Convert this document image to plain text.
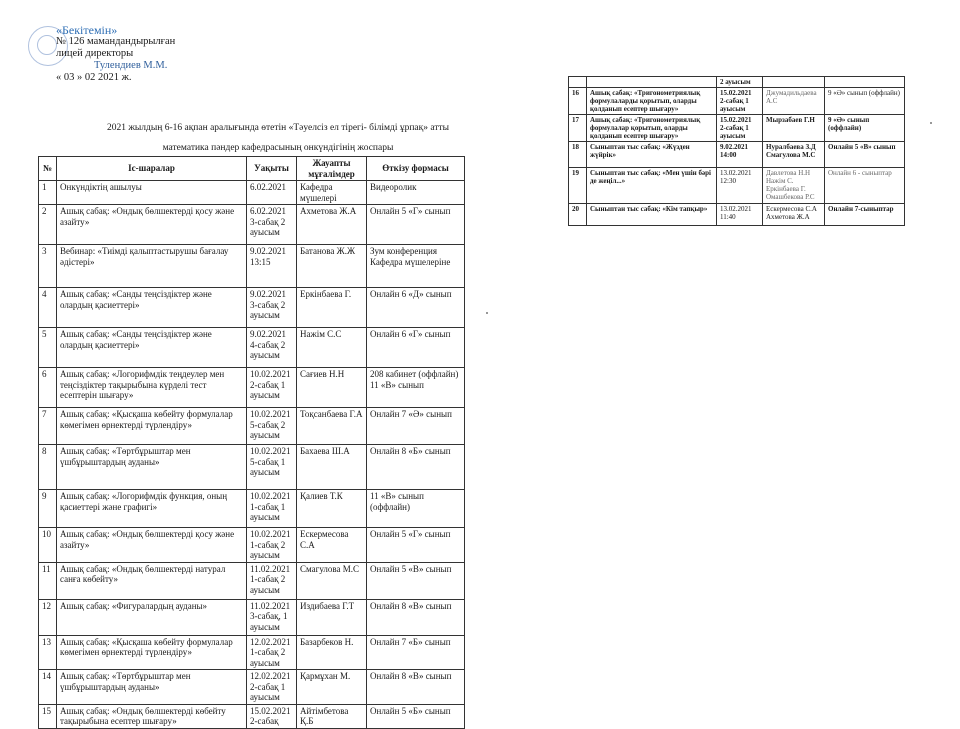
«Бекітемін»
№ 126 мамандандырылған
лицей директоры
Тулендиев М.М.
« 03 » 02 2021 ж.
2021 жылдың 6-16 ақпан аралығында өтетін «Тәуелсіз ел тірегі- білімді ұрпақ» атты
математика пәндер кафедрасының онкүндігінің жоспары
№	Іс-шаралар	Уақыты	Жауапты мұғалімдер	Өткізу формасы
1	Онкүндіктің ашылуы	6.02.2021	Кафедра мүшелері	Видеоролик
2	Ашық сабақ: «Ондық бөлшектерді қосу және азайту»	6.02.2021 3-сабақ 2 ауысым	Ахметова Ж.А	Онлайн 5 «Г» сынып
3	Вебинар: «Тиімді қалыптастырушы бағалау әдістері»	9.02.2021 13:15	Батанова Ж.Ж	Зум конференция Кафедра мүшелеріне
4	Ашық сабақ: «Санды теңсіздіктер және олардың қасиеттері»	9.02.2021 3-сабақ 2 ауысым	Еркінбаева Г.	Онлайн 6 «Д» сынып
5	Ашық сабақ: «Санды теңсіздіктер және олардың қасиеттері»	9.02.2021 4-сабақ 2 ауысым	Нажім С.С	Онлайн 6 «Г» сынып
6	Ашық сабақ: «Логорифмдік теңдеулер мен теңсіздіктер тақырыбына күрделі тест есептерін шығару»	10.02.2021 2-сабақ 1 ауысым	Сағиев Н.Н	208 кабинет (оффлайн) 11 «В» сынып
7	Ашық сабақ: «Қысқаша көбейту формулалар көмегімен өрнектерді түрлендіру»	10.02.2021 5-сабақ 2 ауысым	Тоқсанбаева Г.А	Онлайн 7 «Ә» сынып
8	Ашық сабақ: «Төртбұрыштар мен үшбұрыштардың ауданы»	10.02.2021 5-сабақ 1 ауысым	Бахаева Ш.А	Онлайн 8 «Б» сынып
9	Ашық сабақ: «Логорифмдік функция, оның қасиеттері және графигі»	10.02.2021 1-сабақ 1 ауысым	Қалиев Т.К	11 «В» сынып (оффлайн)
10	Ашық сабақ: «Ондық бөлшектерді қосу және азайту»	10.02.2021 1-сабақ 2 ауысым	Ескермесова С.А	Онлайн 5 «Г» сынып
11	Ашық сабақ: «Ондық бөлшектерді натурал санға көбейту»	11.02.2021 1-сабақ 2 ауысым	Смагулова М.С	Онлайн 5 «В» сынып
12	Ашық сабақ: «Фигуралардың ауданы»	11.02.2021 3-сабақ, 1 ауысым	Издибаева Г.Т	Онлайн 8 «В» сынып
13	Ашық сабақ: «Қысқаша көбейту формулалар көмегімен өрнектерді түрлендіру»	12.02.2021 1-сабақ 2 ауысым	Базарбеков Н.	Онлайн 7 «Б» сынып
14	Ашық сабақ: «Төртбұрыштар мен үшбұрыштардың ауданы»	12.02.2021 2-сабақ 1 ауысым	Қармұхан М.	Онлайн 8 «В» сынып
15	Ашық сабақ: «Ондық бөлшектерді көбейту тақырыбына есептер шығару»	15.02.2021 2-сабақ	Айтімбетова Қ.Б	Онлайн 5 «Б» сынып
		2 ауысым		
16	Ашық сабақ: «Тригонометриялық формулаларды қорытып, оларды қолданып есептер шығару»	15.02.2021 2-сабақ 1 ауысым	Джумадильдаева А.С	9 «Ә» сынып (оффлайн)
17	Ашық сабақ: «Тригонометриялық формулалар қорытып, оларды қолданып есептер шығару»	15.02.2021 2-сабақ 1 ауысым	Мырзабаев Г.Н	9 «Ә» сынып (оффлайн)
18	Сыныптан тыс сабақ: «Жүзден жүйрік»	9.02.2021 14:00	Нуралбаева З.Д Смагулова М.С	Онлайн 5 «В» сынып
19	Сыныптан тыс сабақ: «Мен үшін бәрі де жеңіл...»	13.02.2021 12:30	Давлетова Н.Н Нажім С. Еркінбаева Г. Омашбекова Р.С	Онлайн 6 - сыныптар
20	Сыныптан тыс сабақ: «Кім тапқыр»	13.02.2021 11:40	Ескермесова С.А Ахметова Ж.А	Онлайн 7-сыныптар
